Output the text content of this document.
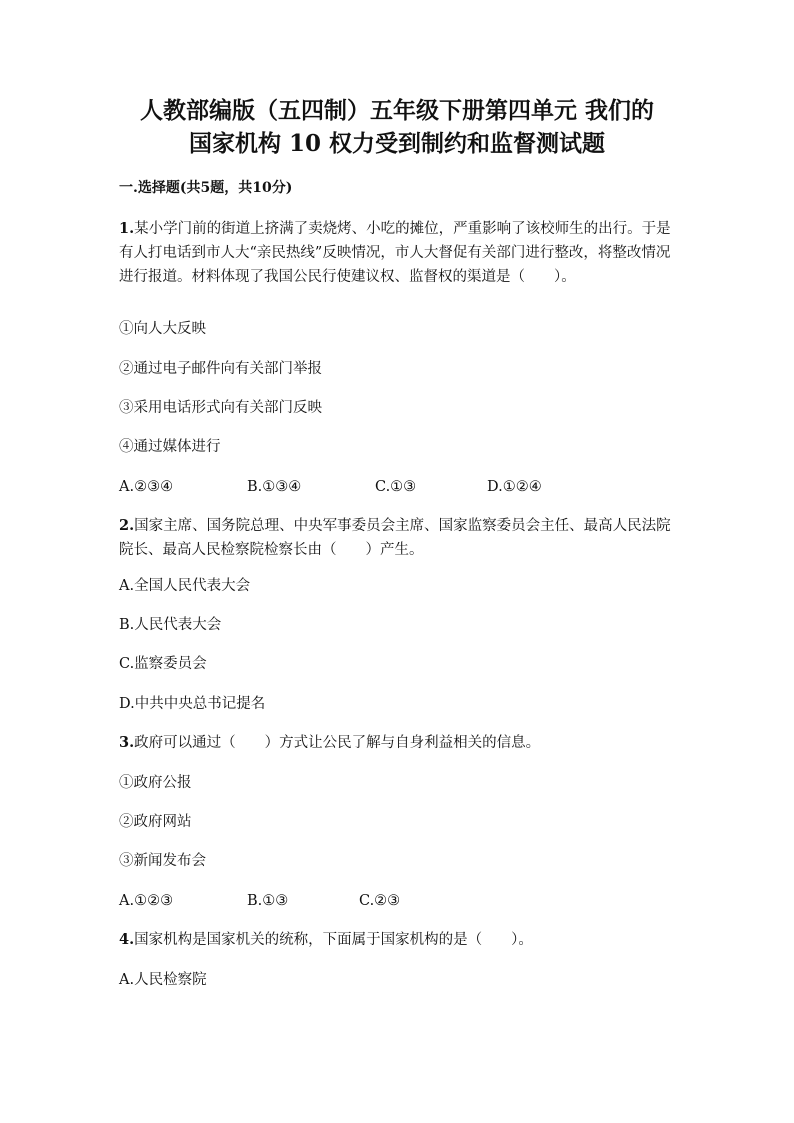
人教部编版（五四制）五年级下册第四单元 我们的
国家机构 10 权力受到制约和监督测试题
一.选择题(共5题，共10分)
1.某小学门前的街道上挤满了卖烧烤、小吃的摊位，严重影响了该校师生的出行。于是有人打电话到市人大“亲民热线”反映情况，市人大督促有关部门进行整改，将整改情况进行报道。材料体现了我国公民行使建议权、监督权的渠道是（　　）。
①向人大反映
②通过电子邮件向有关部门举报
③采用电话形式向有关部门反映
④通过媒体进行
A.②③④	B.①③④	C.①③	D.①②④
2.国家主席、国务院总理、中央军事委员会主席、国家监察委员会主任、最高人民法院院长、最高人民检察院检察长由（　　）产生。
A.全国人民代表大会
B.人民代表大会
C.监察委员会
D.中共中央总书记提名
3.政府可以通过（　　）方式让公民了解与自身利益相关的信息。
①政府公报
②政府网站
③新闻发布会
A.①②③	B.①③	C.②③
4.国家机构是国家机关的统称，下面属于国家机构的是（　　）。
A.人民检察院
